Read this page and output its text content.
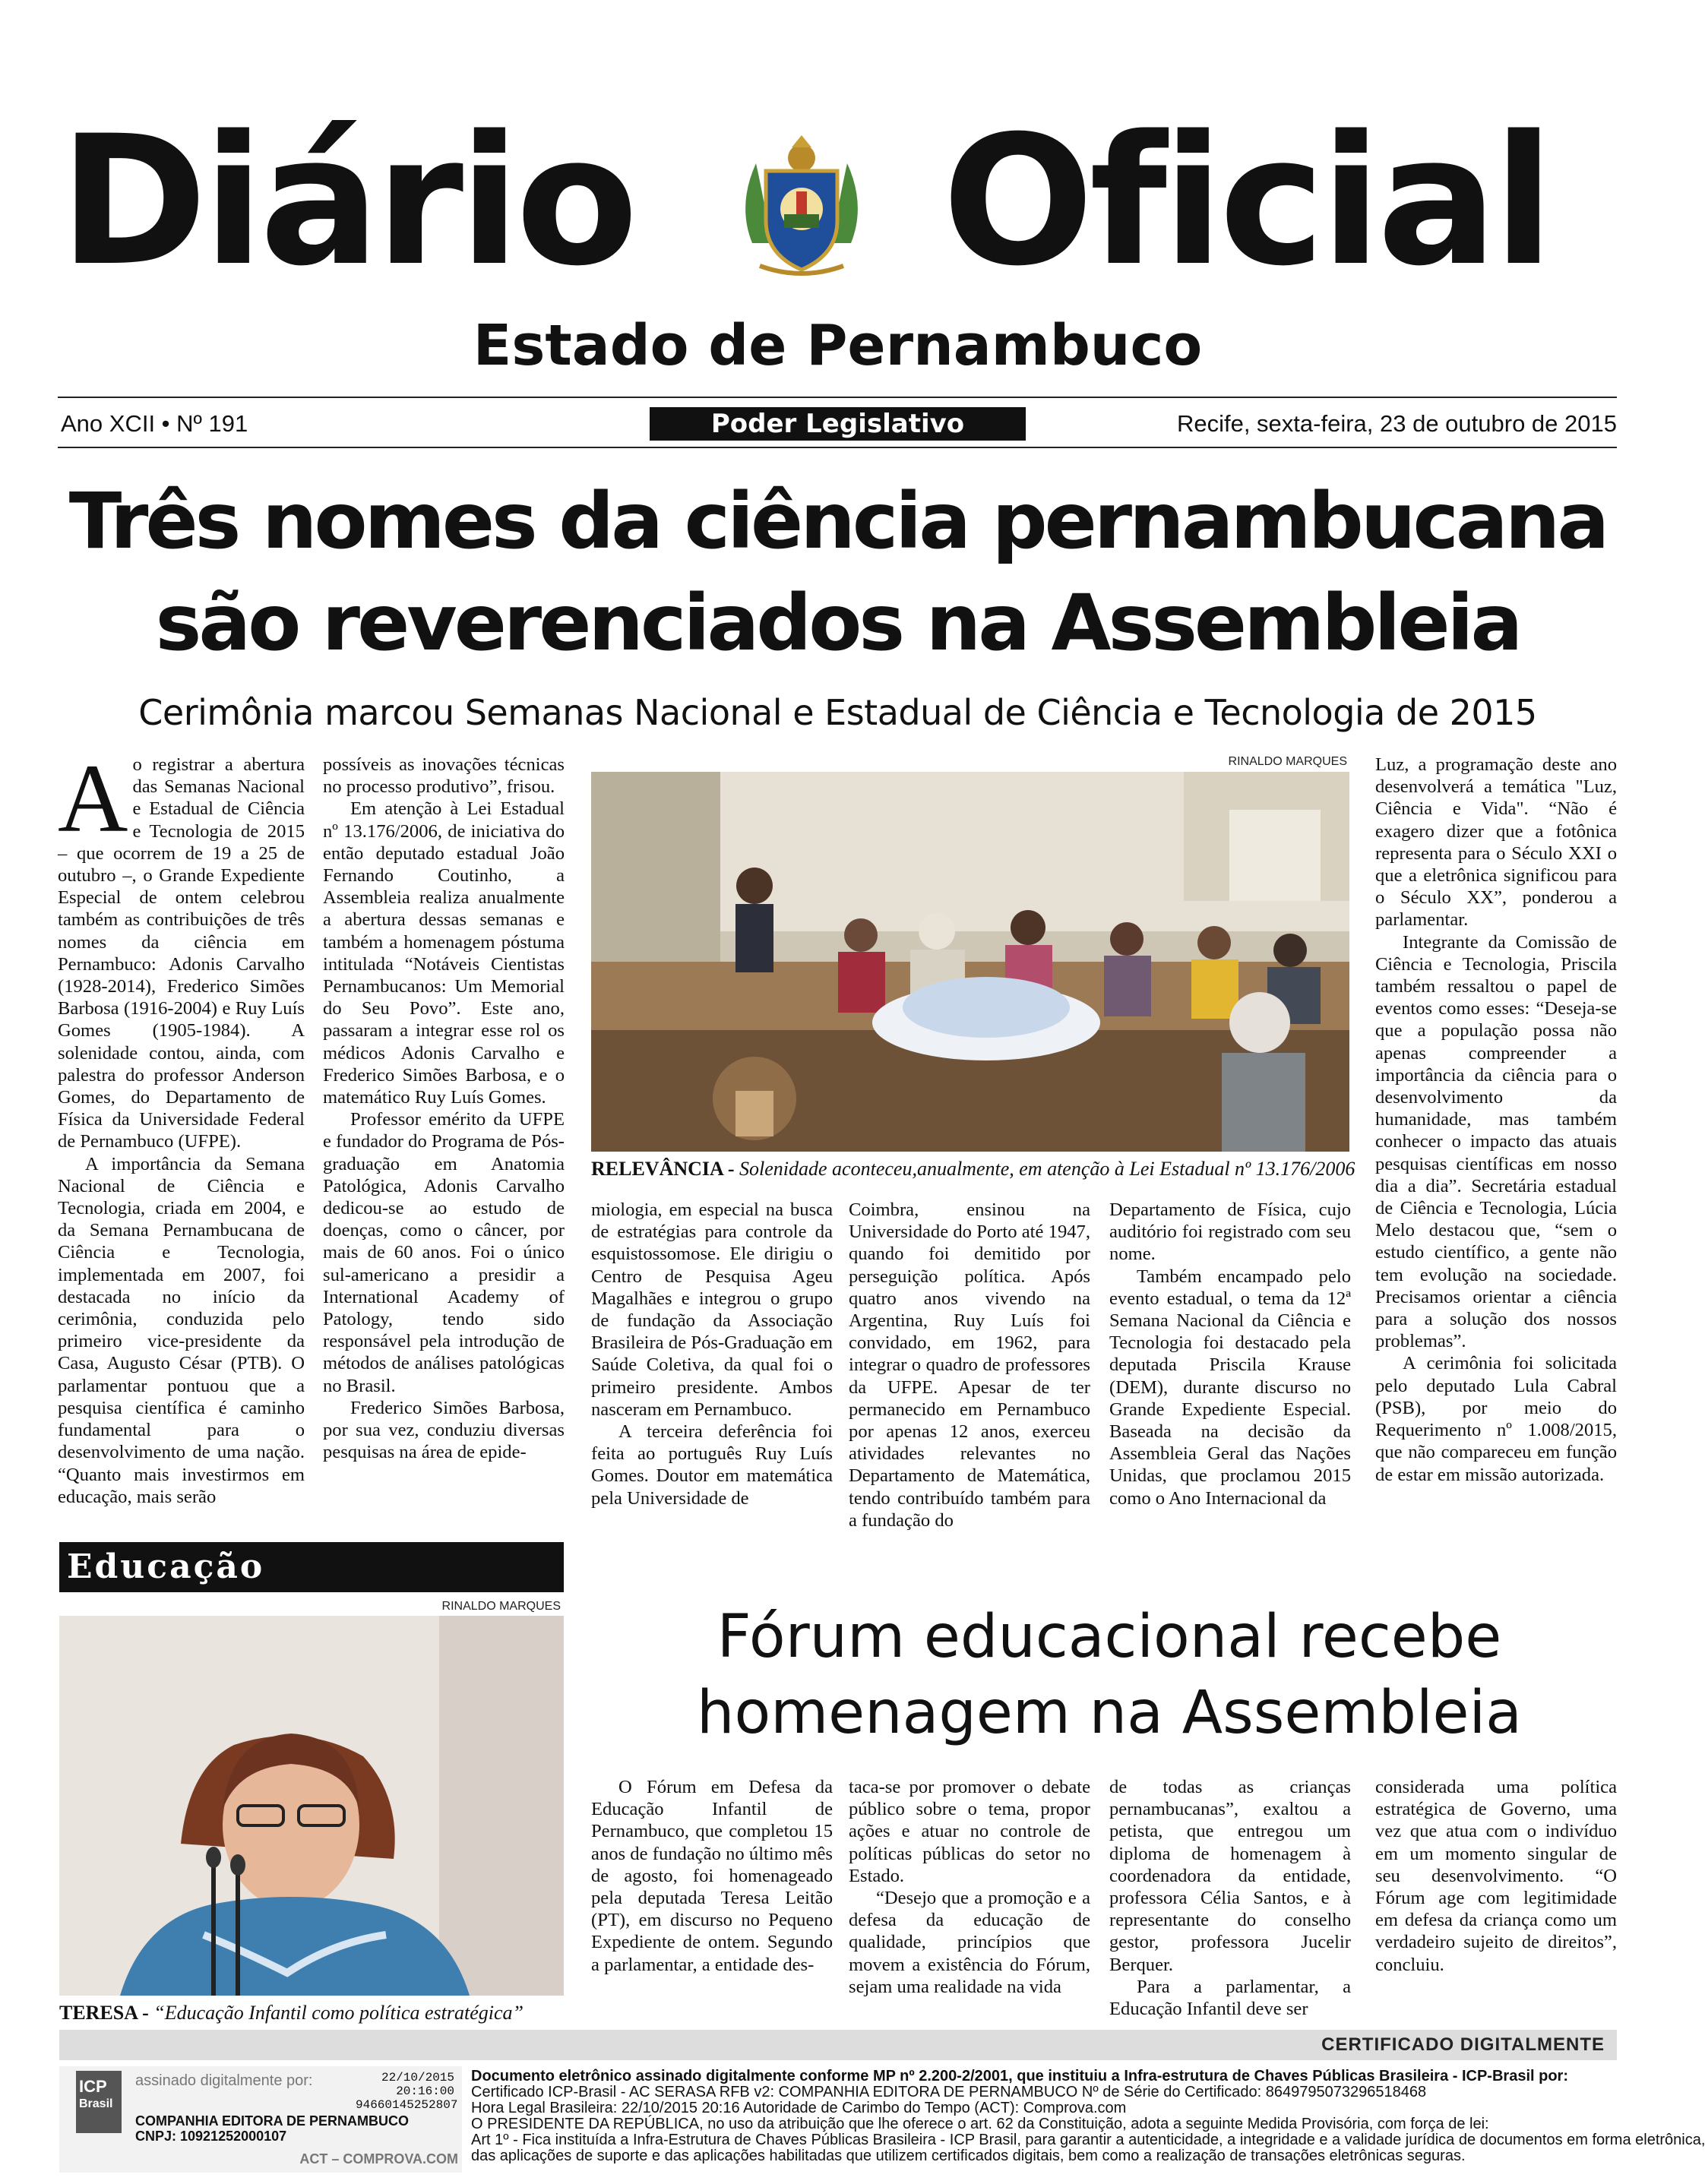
Diário Oficial
Estado de Pernambuco
Ano XCII • Nº 191	Poder Legislativo	Recife, sexta-feira, 23 de outubro de 2015
Três nomes da ciência pernambucana
são reverenciados na Assembleia
Cerimônia marcou Semanas Nacional e Estadual de Ciência e Tecnologia de 2015
A o registrar a abertura das Semanas Nacional e Estadual de Ciência e Tecnologia de 2015 – que ocorrem de 19 a 25 de outubro –, o Grande Expediente Especial de ontem celebrou também as contribuições de três nomes da ciência em Pernambuco: Adonis Carvalho (1928-2014), Frederico Simões Barbosa (1916-2004) e Ruy Luís Gomes (1905-1984). A solenidade contou, ainda, com palestra do professor Anderson Gomes, do Departamento de Física da Universidade Federal de Pernambuco (UFPE).

A importância da Semana Nacional de Ciência e Tecnologia, criada em 2004, e da Semana Pernambucana de Ciência e Tecnologia, implementada em 2007, foi destacada no início da cerimônia, conduzida pelo primeiro vice-presidente da Casa, Augusto César (PTB). O parlamentar pontuou que a pesquisa científica é caminho fundamental para o desenvolvimento de uma nação. “Quanto mais investirmos em educação, mais serão

possíveis as inovações técnicas no processo produtivo”, frisou.

Em atenção à Lei Estadual nº 13.176/2006, de iniciativa do então deputado estadual João Fernando Coutinho, a Assembleia realiza anualmente a abertura dessas semanas e também a homenagem póstuma intitulada “Notáveis Cientistas Pernambucanos: Um Memorial do Seu Povo”. Este ano, passaram a integrar esse rol os médicos Adonis Carvalho e Frederico Simões Barbosa, e o matemático Ruy Luís Gomes.

Professor emérito da UFPE e fundador do Programa de Pós-graduação em Anatomia Patológica, Adonis Carvalho dedicou-se ao estudo de doenças, como o câncer, por mais de 60 anos. Foi o único sul-americano a presidir a International Academy of Patology, tendo sido responsável pela introdução de métodos de análises patológicas no Brasil.

Frederico Simões Barbosa, por sua vez, conduziu diversas pesquisas na área de epide-

RINALDO MARQUES
RELEVÂNCIA - Solenidade aconteceu,anualmente, em atenção à Lei Estadual nº 13.176/2006

miologia, em especial na busca de estratégias para controle da esquistossomose. Ele dirigiu o Centro de Pesquisa Ageu Magalhães e integrou o grupo de fundação da Associação Brasileira de Pós-Graduação em Saúde Coletiva, da qual foi o primeiro presidente. Ambos nasceram em Pernambuco.

A terceira deferência foi feita ao português Ruy Luís Gomes. Doutor em matemática pela Universidade de

Coimbra, ensinou na Universidade do Porto até 1947, quando foi demitido por perseguição política. Após quatro anos vivendo na Argentina, Ruy Luís foi convidado, em 1962, para integrar o quadro de professores da UFPE. Apesar de ter permanecido em Pernambuco por apenas 12 anos, exerceu atividades relevantes no Departamento de Matemática, tendo contribuído também para a fundação do

Departamento de Física, cujo auditório foi registrado com seu nome.

Também encampado pelo evento estadual, o tema da 12ª Semana Nacional da Ciência e Tecnologia foi destacado pela deputada Priscila Krause (DEM), durante discurso no Grande Expediente Especial. Baseada na decisão da Assembleia Geral das Nações Unidas, que proclamou 2015 como o Ano Internacional da

Luz, a programação deste ano desenvolverá a temática "Luz, Ciência e Vida". “Não é exagero dizer que a fotônica representa para o Século XXI o que a eletrônica significou para o Século XX”, ponderou a parlamentar.

Integrante da Comissão de Ciência e Tecnologia, Priscila também ressaltou o papel de eventos como esses: “Deseja-se que a população possa não apenas compreender a importância da ciência para o desenvolvimento da humanidade, mas também conhecer o impacto das atuais pesquisas científicas em nosso dia a dia”. Secretária estadual de Ciência e Tecnologia, Lúcia Melo destacou que, “sem o estudo científico, a gente não tem evolução na sociedade. Precisamos orientar a ciência para a solução dos nossos problemas”.

A cerimônia foi solicitada pelo deputado Lula Cabral (PSB), por meio do Requerimento nº 1.008/2015, que não compareceu em função de estar em missão autorizada.

Educação
RINALDO MARQUES
TERESA - “Educação Infantil como política estratégica”
Fórum educacional recebe
homenagem na Assembleia

O Fórum em Defesa da Educação Infantil de Pernambuco, que completou 15 anos de fundação no último mês de agosto, foi homenageado pela deputada Teresa Leitão (PT), em discurso no Pequeno Expediente de ontem. Segundo a parlamentar, a entidade des-

taca-se por promover o debate público sobre o tema, propor ações e atuar no controle de políticas públicas do setor no Estado.

“Desejo que a promoção e a defesa da educação de qualidade, princípios que movem a existência do Fórum, sejam uma realidade na vida

de todas as crianças pernambucanas”, exaltou a petista, que entregou um diploma de homenagem à coordenadora da entidade, professora Célia Santos, e à representante do conselho gestor, professora Jucelir Berquer.

Para a parlamentar, a Educação Infantil deve ser

considerada uma política estratégica de Governo, uma vez que atua com o indivíduo em um momento singular de seu desenvolvimento. “O Fórum age com legitimidade em defesa da criança como um verdadeiro sujeito de direitos”, concluiu.

CERTIFICADO DIGITALMENTE
ICP
Brasil
assinado digitalmente por:	22/10/2015
20:16:00
94660145252807
COMPANHIA EDITORA DE PERNAMBUCO
CNPJ: 10921252000107
ACT – COMPROVA.COM
Documento eletrônico assinado digitalmente conforme MP nº 2.200-2/2001, que instituiu a Infra-estrutura de Chaves Públicas Brasileira - ICP-Brasil por:
Certificado ICP-Brasil - AC SERASA RFB v2: COMPANHIA EDITORA DE PERNAMBUCO Nº de Série do Certificado: 8649795073296518468
Hora Legal Brasileira: 22/10/2015 20:16 Autoridade de Carimbo do Tempo (ACT): Comprova.com
O PRESIDENTE DA REPÚBLICA, no uso da atribuição que lhe oferece o art. 62 da Constituição, adota a seguinte Medida Provisória, com força de lei:
Art 1º - Fica instituída a Infra-Estrutura de Chaves Públicas Brasileira - ICP Brasil, para garantir a autenticidade, a integridade e a validade jurídica de documentos em forma eletrônica,
das aplicações de suporte e das aplicações habilitadas que utilizem certificados digitais, bem como a realização de transações eletrônicas seguras.
